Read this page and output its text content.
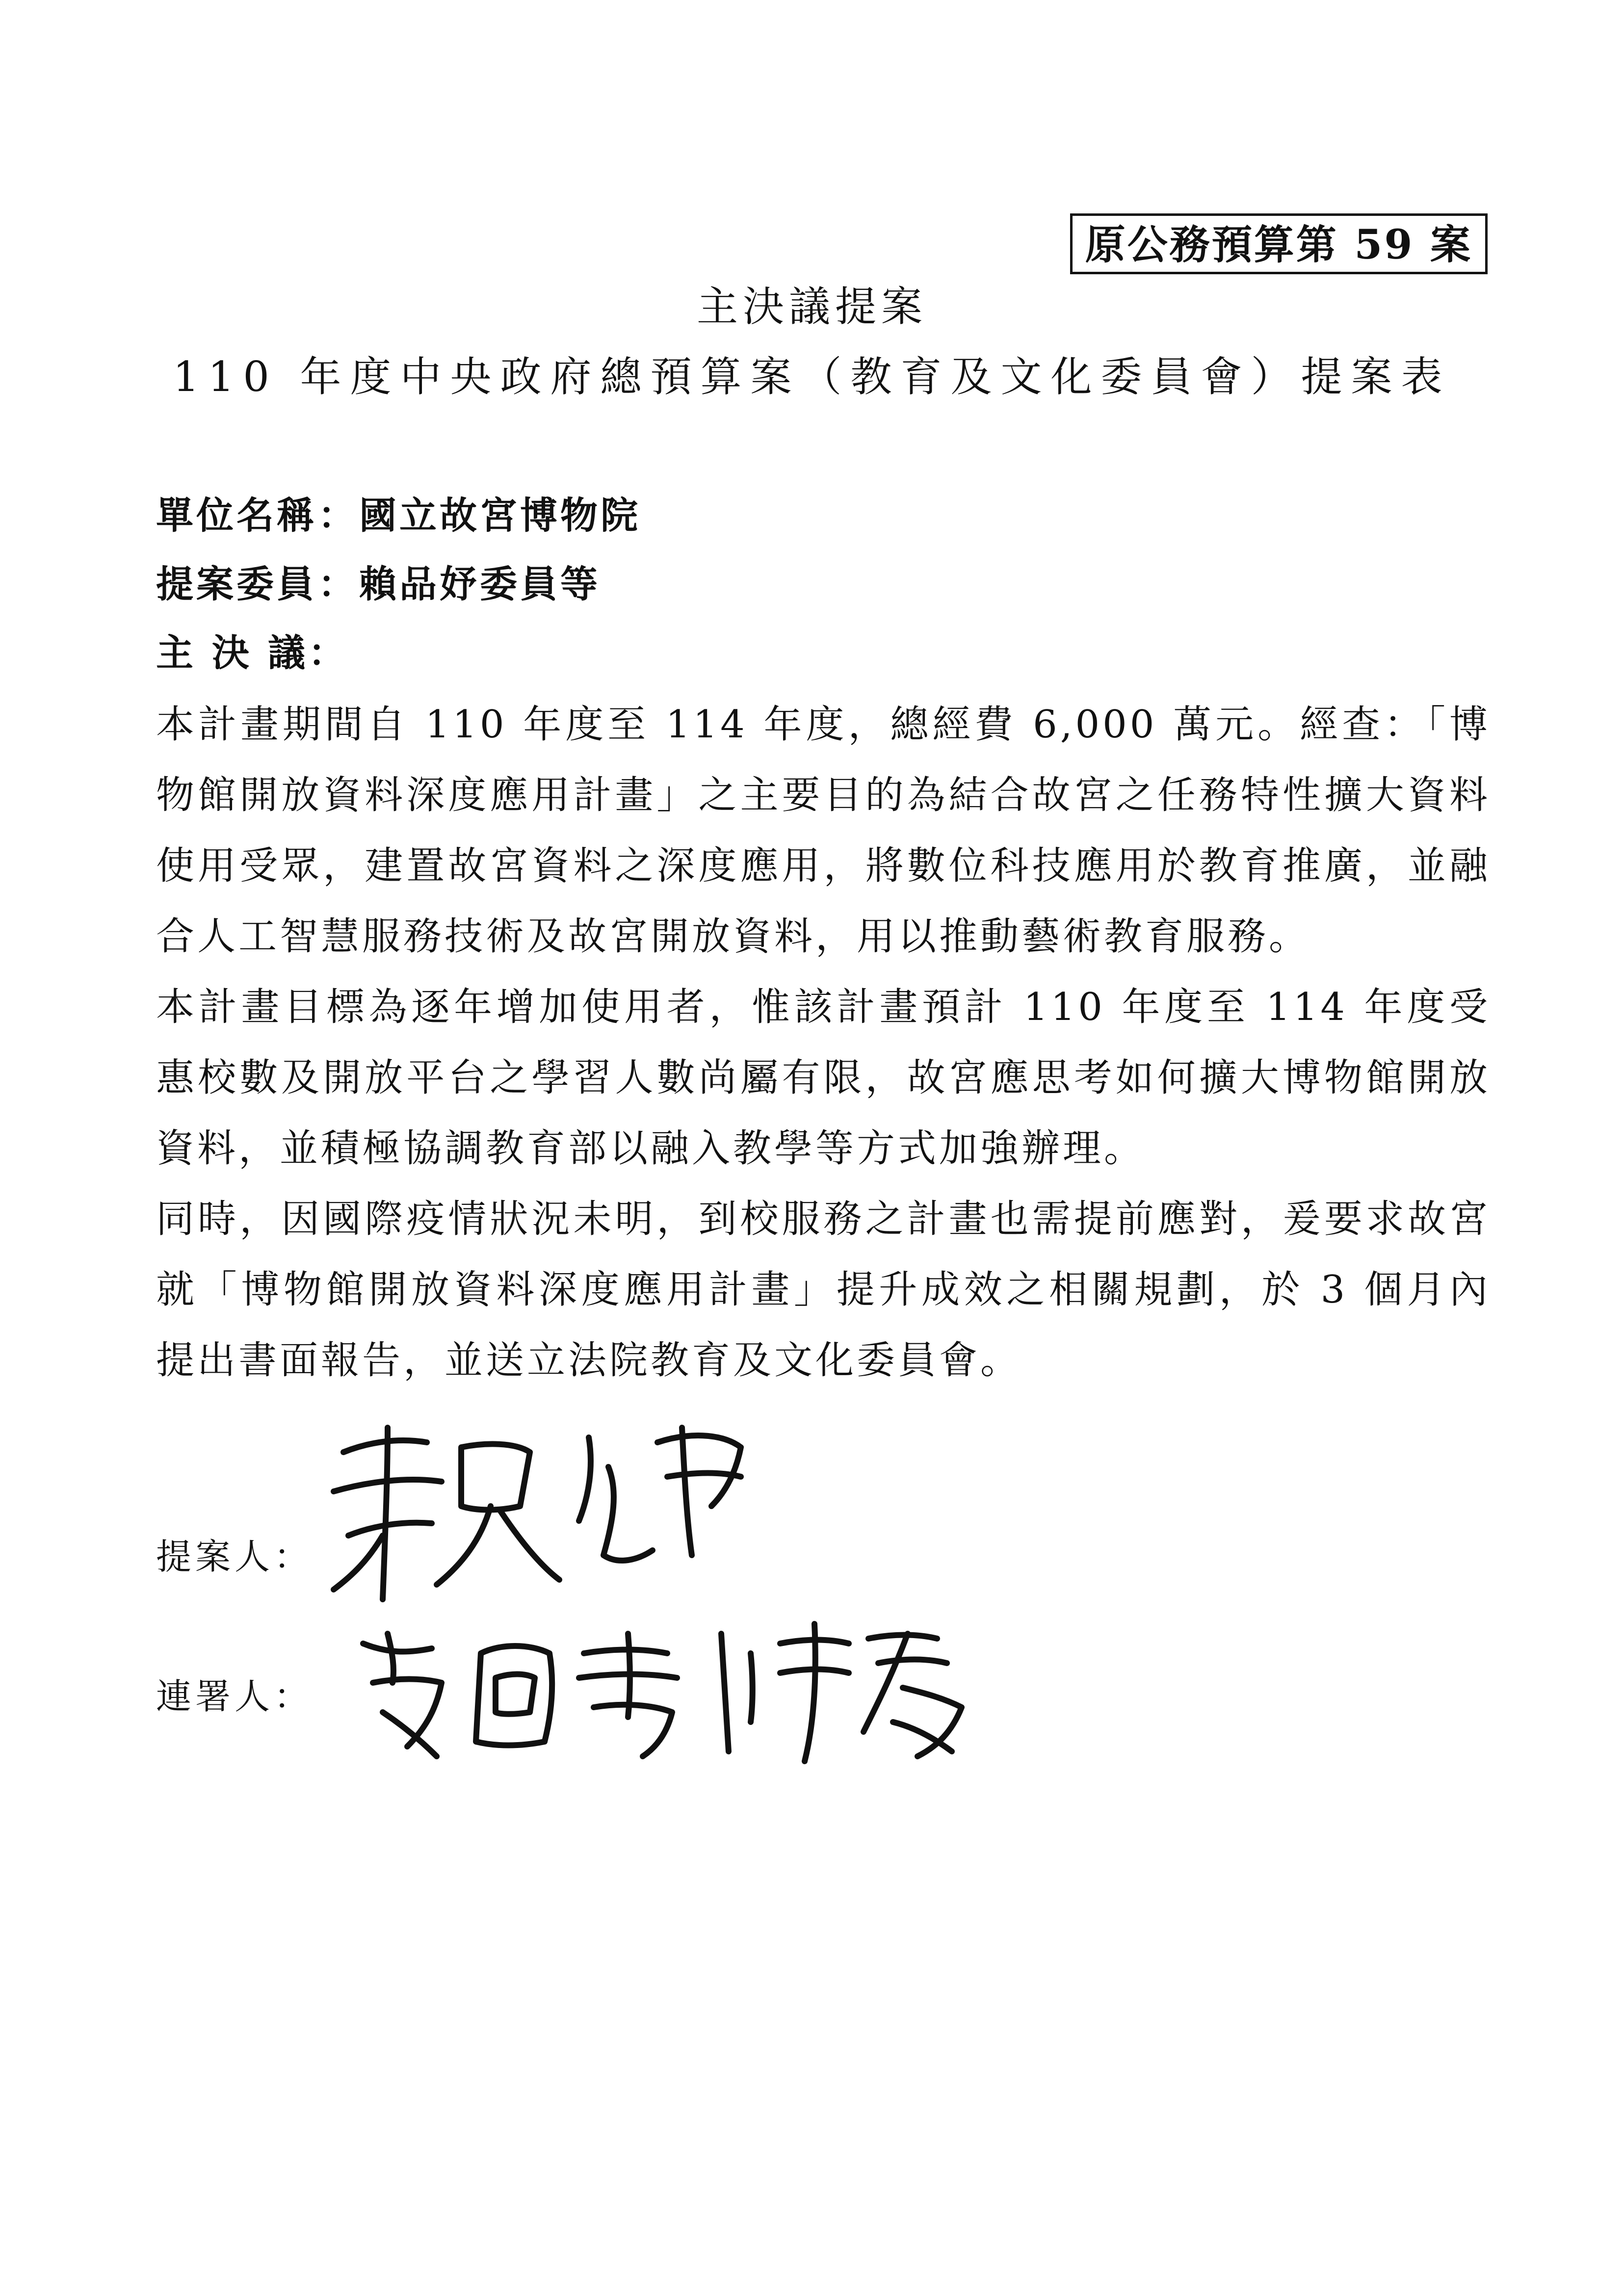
原公務預算第 59 案
主決議提案
110 年度中央政府總預算案（教育及文化委員會）提案表
單位名稱：國立故宮博物院
提案委員：賴品妤委員等
主 決 議：

本計畫期間自 110 年度至 114 年度，總經費 6,000 萬元。經查：「博物館開放資料深度應用計畫」之主要目的為結合故宮之任務特性擴大資料使用受眾，建置故宮資料之深度應用，將數位科技應用於教育推廣，並融合人工智慧服務技術及故宮開放資料，用以推動藝術教育服務。

本計畫目標為逐年增加使用者，惟該計畫預計 110 年度至 114 年度受惠校數及開放平台之學習人數尚屬有限，故宮應思考如何擴大博物館開放資料，並積極協調教育部以融入教學等方式加強辦理。

同時，因國際疫情狀況未明，到校服務之計畫也需提前應對，爰要求故宮就「博物館開放資料深度應用計畫」提升成效之相關規劃，於 3 個月內提出書面報告，並送立法院教育及文化委員會。

提案人：
連署人：
